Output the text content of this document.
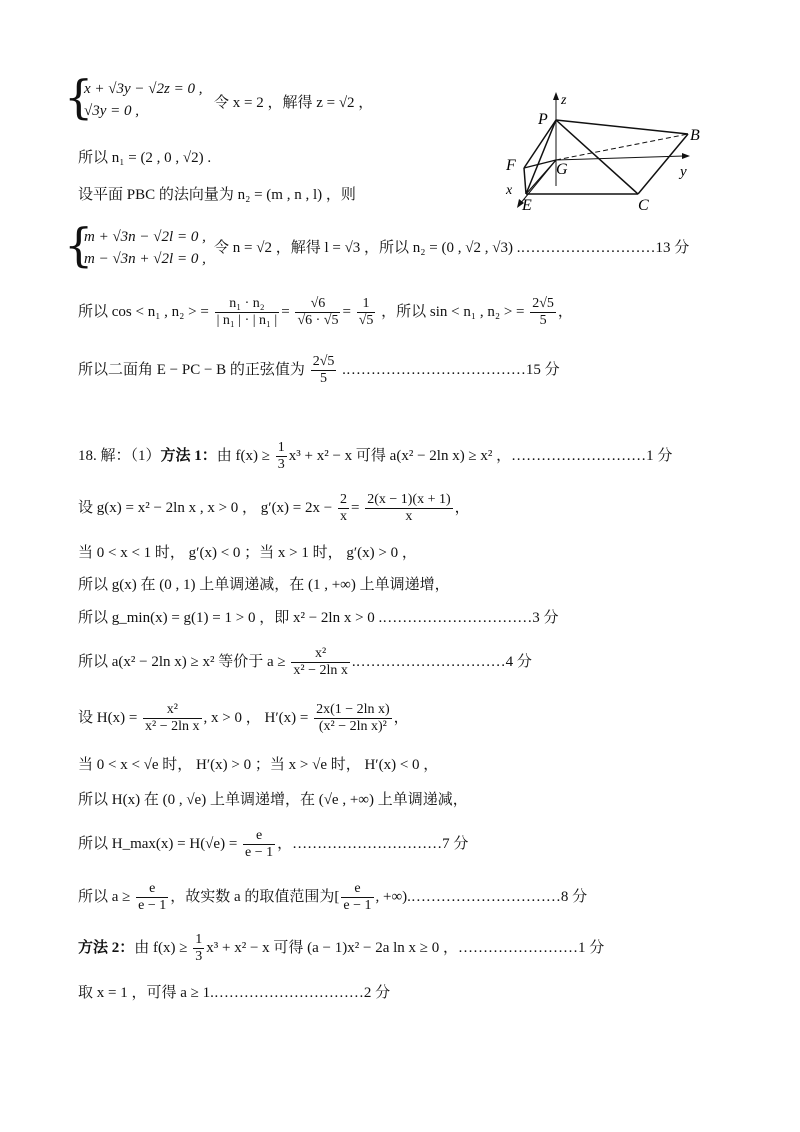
{
x + √3y − √2z = 0 ,
√3y = 0 ,	令 x = 2 ，解得 z = √2 ，
所以 n₁ = (2 , 0 , √2) .
设平面 PBC 的法向量为 n₂ = (m , n , l) ，则
{
m + √3n − √2l = 0 ,
m − √3n + √2l = 0 ,
令 n = √2 ，解得 l = √3 ，所以 n₂ = (0 , √2 , √3) .………………………13 分
所以 cos < n₁ , n₂ > = $\frac{\text{n₁ · n₂}}{\text{| n₁ | · | n₁ |}} = \frac{√6}{√6 \cdot √5} = \frac{1}{√5}$ ，所以 sin < n₁ , n₂ > = $\frac{2√5}{5}$ ，
所以二面角 E − PC − B 的正弦值为 $\frac{2√5}{5}$ .………………………………15 分
P
z
B
F	G	y
x
E	C
18. 解：（1）方法 1：由 $f(x) \ge \frac{1}{3} x^3 + x^2 - x$ 可得 a(x² − 2ln x) ≥ x² ，………………………1 分
设 g(x) = x² − 2ln x , x > 0 ， $g'(x) = 2x - \frac{2}{x} = \frac{2(x - 1)(x + 1)}{x}$ ，
当 0 < x < 1 时， g′(x) < 0 ；当 x > 1 时， g′(x) > 0 ，
所以 g(x) 在 (0 , 1) 上单调递减，在 (1 , +∞) 上单调递增，
所以 g_min(x) = g(1) = 1 > 0 ，即 x² − 2ln x > 0 .…………………………3 分
所以 a(x² − 2ln x) ≥ x² 等价于 $a \ge \frac{\text{x²}}{\text{x² − 2ln x}}$ .…………………………4 分
设 $H(x) = \frac{\text{x²}}{\text{x² − 2ln x}}$ , x > 0 ， $H'(x) = \frac{\text{2x(1 − 2ln x)}}{\text{(x² − 2ln x)²}}$ ，
当 0 < x < √e 时， H′(x) > 0 ；当 x > √e 时， H′(x) < 0 ，
所以 H(x) 在 (0 , √e) 上单调递增，在 (√e , +∞) 上单调递减，
所以 H_max(x) = $H(√e) = \frac{e}{e - 1}$ ，…………………………7 分
所以 $a \ge \frac{e}{e - 1}$ ，故实数 a 的取值范围为[ $\frac{e}{e - 1}$ , +∞).…………………………8 分
方法 2：由 $f(x) \ge \frac{1}{3} x^3 + x^2 - x$ 可得 (a − 1)x² − 2a ln x ≥ 0 ，……………………1 分
取 x = 1 ，可得 a ≥ 1.…………………………2 分
